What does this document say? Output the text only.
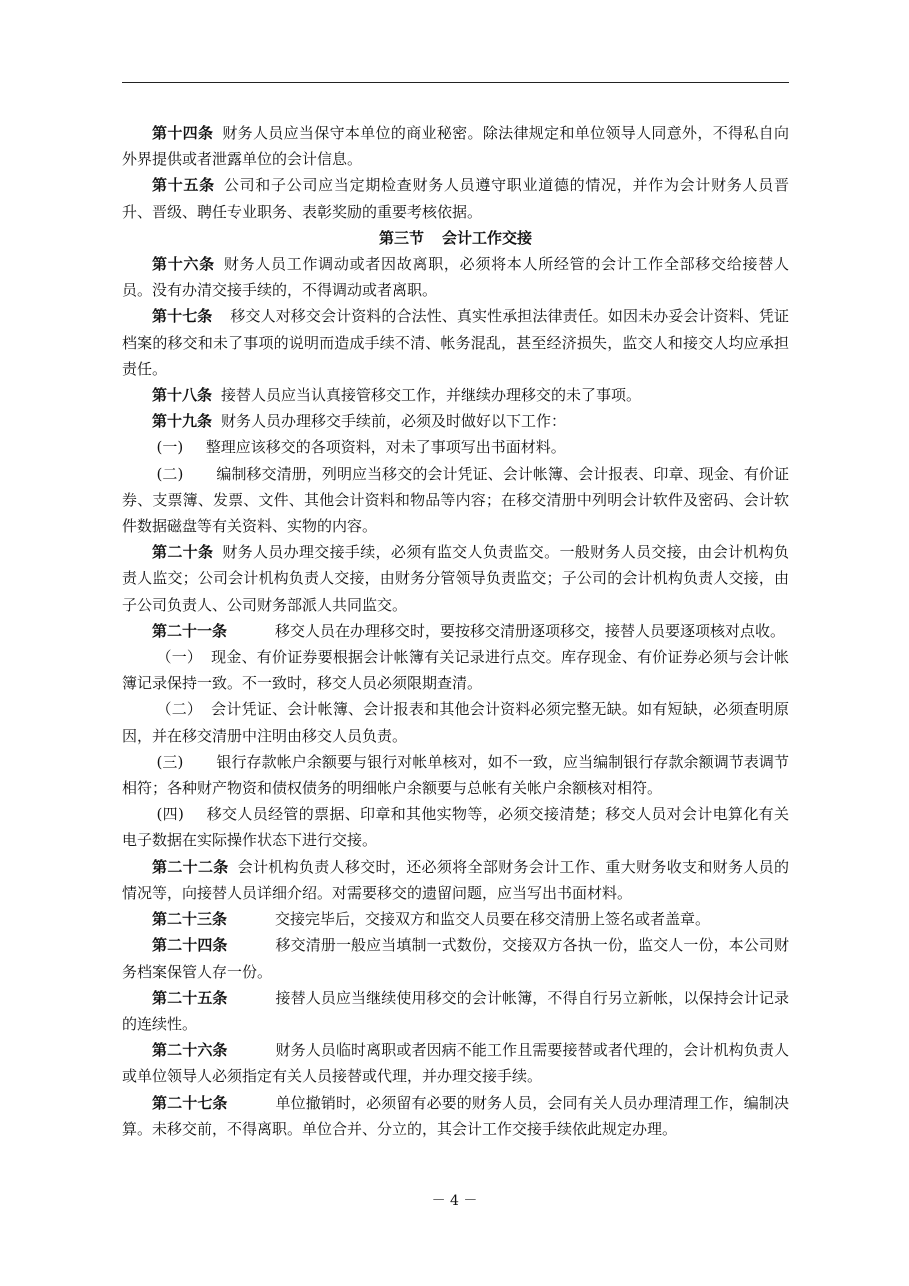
第十四条 财务人员应当保守本单位的商业秘密。除法律规定和单位领导人同意外，不得私自向外界提供或者泄露单位的会计信息。

第十五条 公司和子公司应当定期检查财务人员遵守职业道德的情况，并作为会计财务人员晋升、晋级、聘任专业职务、表彰奖励的重要考核依据。

第三节 会计工作交接

第十六条 财务人员工作调动或者因故离职，必须将本人所经管的会计工作全部移交给接替人员。没有办清交接手续的，不得调动或者离职。

第十七条 移交人对移交会计资料的合法性、真实性承担法律责任。如因未办妥会计资料、凭证档案的移交和未了事项的说明而造成手续不清、帐务混乱，甚至经济损失，监交人和接交人均应承担责任。

第十八条 接替人员应当认真接管移交工作，并继续办理移交的未了事项。

第十九条 财务人员办理移交手续前，必须及时做好以下工作：

(一) 整理应该移交的各项资料，对未了事项写出书面材料。

(二) 编制移交清册，列明应当移交的会计凭证、会计帐簿、会计报表、印章、现金、有价证券、支票簿、发票、文件、其他会计资料和物品等内容；在移交清册中列明会计软件及密码、会计软件数据磁盘等有关资料、实物的内容。

第二十条 财务人员办理交接手续，必须有监交人负责监交。一般财务人员交接，由会计机构负责人监交；公司会计机构负责人交接，由财务分管领导负责监交；子公司的会计机构负责人交接，由子公司负责人、公司财务部派人共同监交。

第二十一条	移交人员在办理移交时，要按移交清册逐项移交，接替人员要逐项核对点收。

（一） 现金、有价证券要根据会计帐簿有关记录进行点交。库存现金、有价证券必须与会计帐簿记录保持一致。不一致时，移交人员必须限期查清。

（二） 会计凭证、会计帐簿、会计报表和其他会计资料必须完整无缺。如有短缺，必须查明原因，并在移交清册中注明由移交人员负责。

(三) 银行存款帐户余额要与银行对帐单核对，如不一致，应当编制银行存款余额调节表调节相符；各种财产物资和债权债务的明细帐户余额要与总帐有关帐户余额核对相符。

(四) 移交人员经管的票据、印章和其他实物等，必须交接清楚；移交人员对会计电算化有关电子数据在实际操作状态下进行交接。

第二十二条 会计机构负责人移交时，还必须将全部财务会计工作、重大财务收支和财务人员的情况等，向接替人员详细介绍。对需要移交的遗留问题，应当写出书面材料。

第二十三条	交接完毕后，交接双方和监交人员要在移交清册上签名或者盖章。

第二十四条	移交清册一般应当填制一式数份，交接双方各执一份，监交人一份，本公司财务档案保管人存一份。

第二十五条	接替人员应当继续使用移交的会计帐簿，不得自行另立新帐，以保持会计记录的连续性。

第二十六条	财务人员临时离职或者因病不能工作且需要接替或者代理的，会计机构负责人或单位领导人必须指定有关人员接替或代理，并办理交接手续。

第二十七条	单位撤销时，必须留有必要的财务人员，会同有关人员办理清理工作，编制决算。未移交前，不得离职。单位合并、分立的，其会计工作交接手续依此规定办理。

－ 4 －
